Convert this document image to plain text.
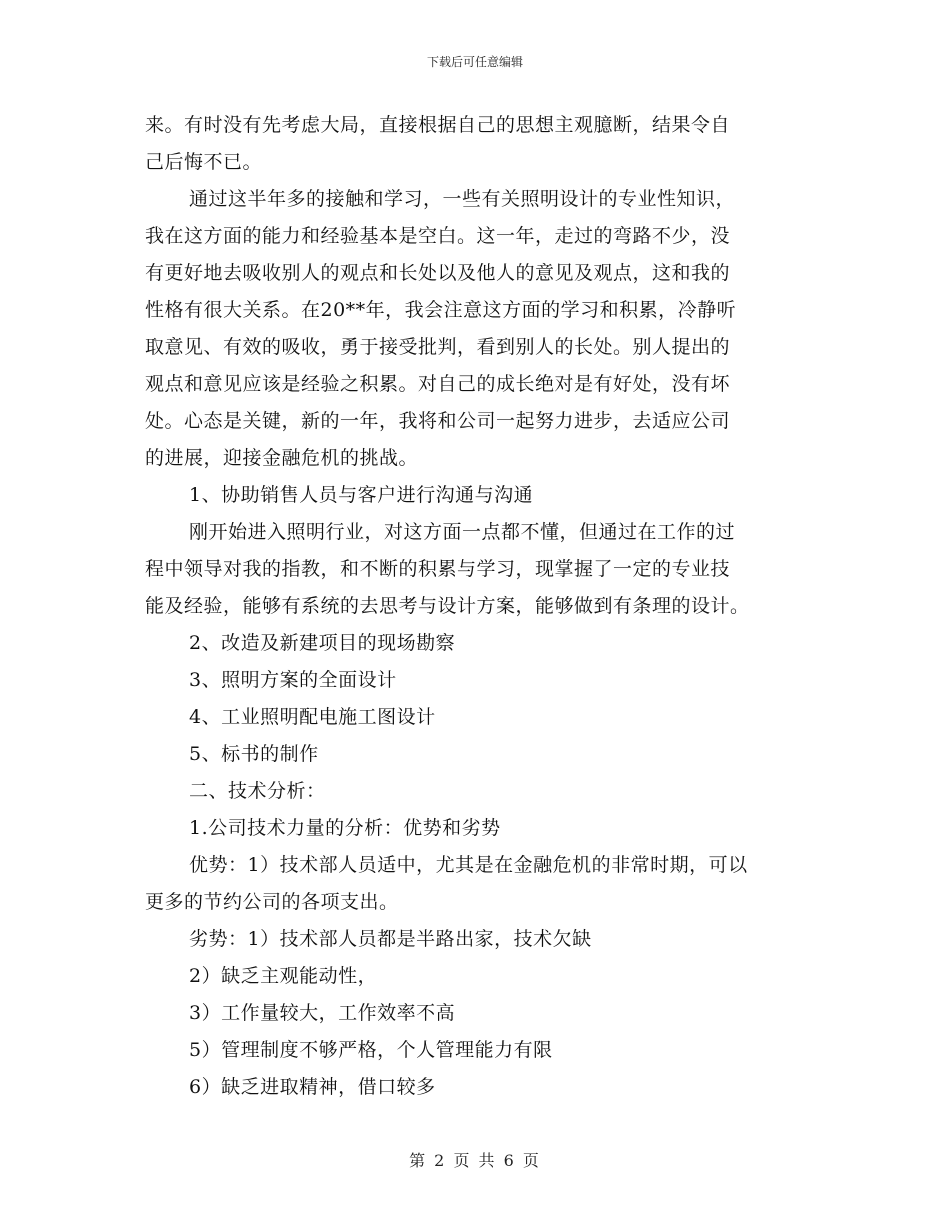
下载后可任意编辑
来。有时没有先考虑大局，直接根据自己的思想主观臆断，结果令自
己后悔不已。
通过这半年多的接触和学习，一些有关照明设计的专业性知识，
我在这方面的能力和经验基本是空白。这一年，走过的弯路不少，没
有更好地去吸收别人的观点和长处以及他人的意见及观点，这和我的
性格有很大关系。在20**年，我会注意这方面的学习和积累，冷静听
取意见、有效的吸收，勇于接受批判，看到别人的长处。别人提出的
观点和意见应该是经验之积累。对自己的成长绝对是有好处，没有坏
处。心态是关键，新的一年，我将和公司一起努力进步，去适应公司
的进展，迎接金融危机的挑战。
1、协助销售人员与客户进行沟通与沟通
刚开始进入照明行业，对这方面一点都不懂，但通过在工作的过
程中领导对我的指教，和不断的积累与学习，现掌握了一定的专业技
能及经验，能够有系统的去思考与设计方案，能够做到有条理的设计。
2、改造及新建项目的现场勘察
3、照明方案的全面设计
4、工业照明配电施工图设计
5、标书的制作
二、技术分析：
1.公司技术力量的分析：优势和劣势
优势：1）技术部人员适中，尤其是在金融危机的非常时期，可以
更多的节约公司的各项支出。
劣势：1）技术部人员都是半路出家，技术欠缺
2）缺乏主观能动性，
3）工作量较大，工作效率不高
5）管理制度不够严格，个人管理能力有限
6）缺乏进取精神，借口较多
第 2 页 共 6 页
